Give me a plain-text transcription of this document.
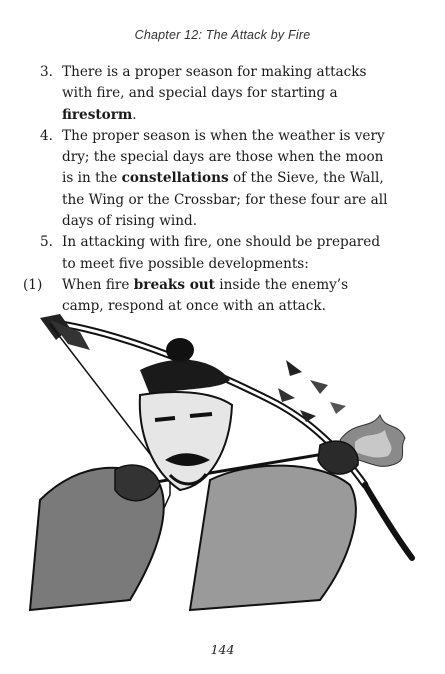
Chapter 12: The Attack by Fire
3. There is a proper season for making attacks with fire, and special days for starting a firestorm.
4. The proper season is when the weather is very dry; the special days are those when the moon is in the constellations of the Sieve, the Wall, the Wing or the Crossbar; for these four are all days of rising wind.
5. In attacking with fire, one should be prepared to meet five possible developments:
(1) When fire breaks out inside the enemy’s camp, respond at once with an attack.
144
